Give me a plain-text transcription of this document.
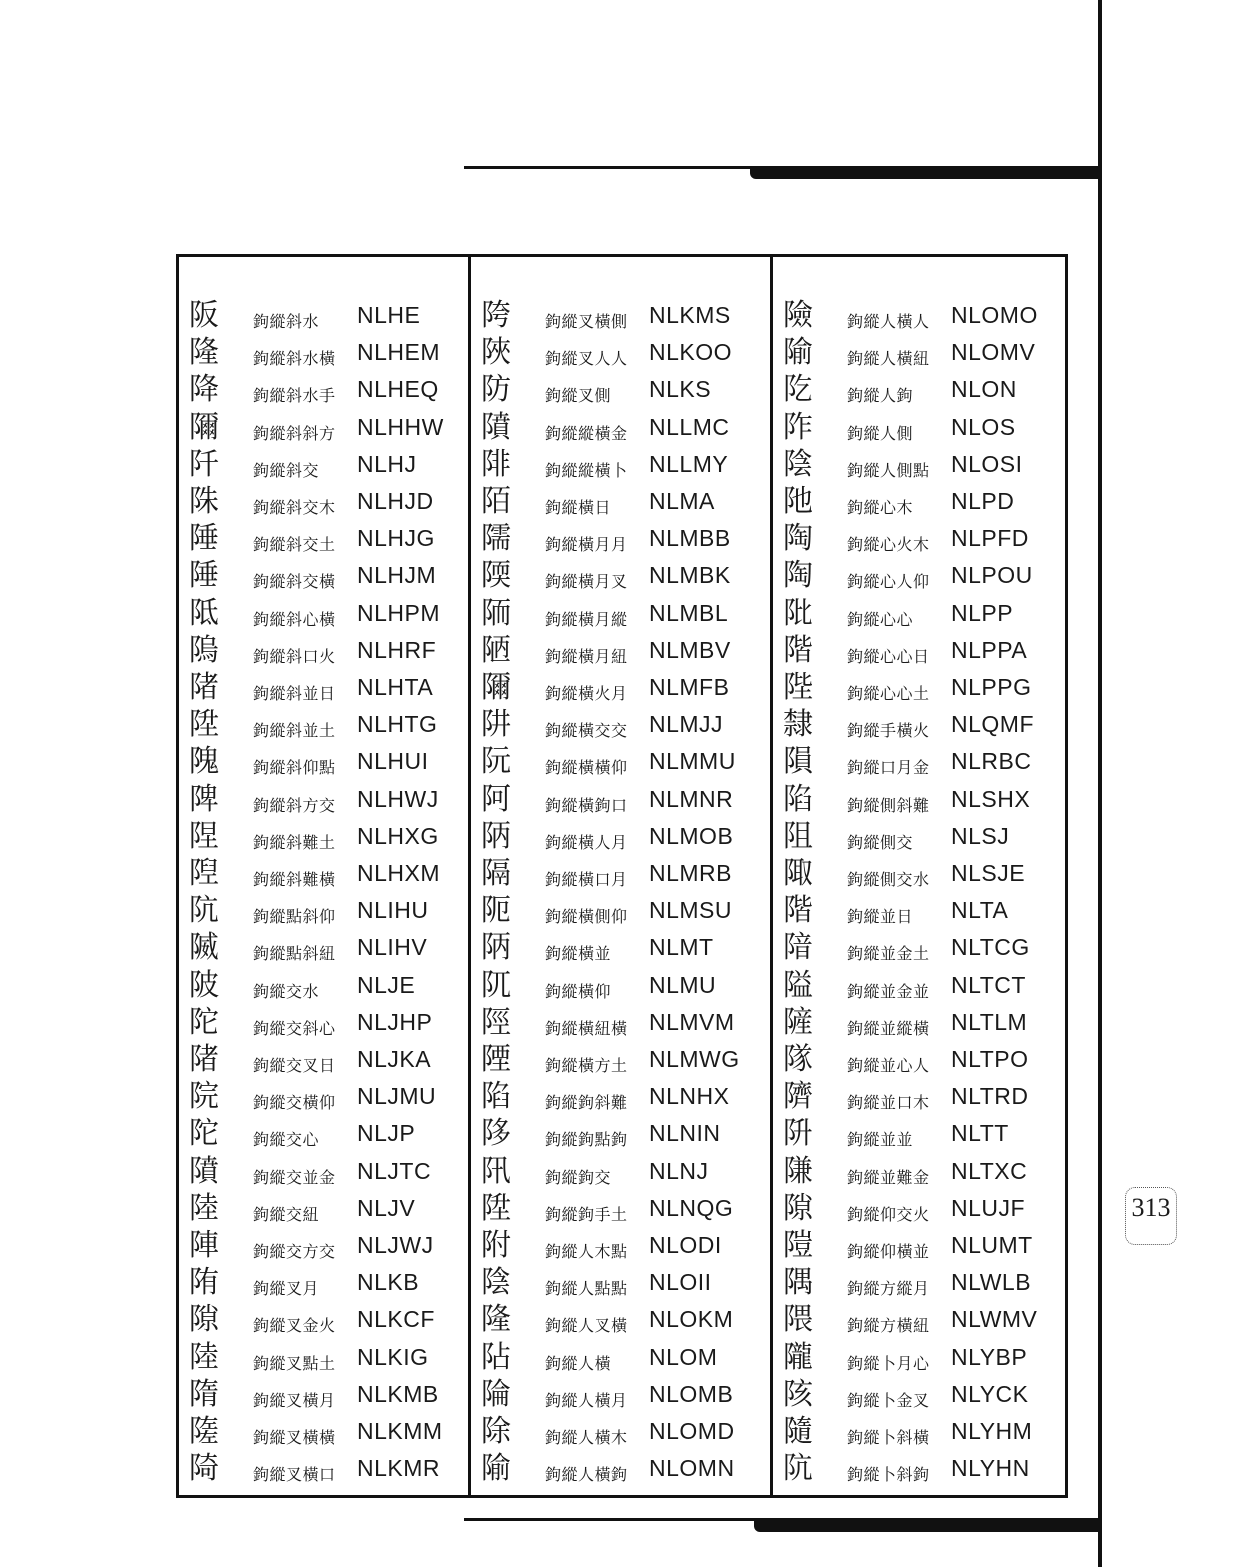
阪 鉤縱斜水 NLHE
隆 鉤縱斜水橫 NLHEM
降 鉤縱斜水手 NLHEQ
隬 鉤縱斜斜方 NLHHW
阡 鉤縱斜交 NLHJ
陎 鉤縱斜交木 NLHJD
陲 鉤縱斜交土 NLHJG
陲 鉤縱斜交橫 NLHJM
阺 鉤縱斜心橫 NLHPM
隖 鉤縱斜口火 NLHRF
陼 鉤縱斜並日 NLHTA
陞 鉤縱斜並土 NLHTG
隗 鉤縱斜仰點 NLHUI
陴 鉤縱斜方交 NLHWJ
陧 鉤縱斜難土 NLHXG
隉 鉤縱斜難橫 NLHXM
阬 鉤縱點斜仰 NLIHU
隇 鉤縱點斜紐 NLIHV
陂 鉤縱交水 NLJE
陀 鉤縱交斜心 NLJHP
陼 鉤縱交叉日 NLJKA
院 鉤縱交橫仰 NLJMU
陀 鉤縱交心 NLJP
隫 鉤縱交並金 NLJTC
陸 鉤縱交紐 NLJV
陣 鉤縱交方交 NLJWJ
陏 鉤縱叉月 NLKB
隙 鉤縱叉金火 NLKCF
陸 鉤縱叉點土 NLKIG
隋 鉤縱叉橫月 NLKMB
隓 鉤縱叉橫橫 NLKMM
陭 鉤縱叉橫口 NLKMR
陓 鉤縱叉橫側 NLKMS
陜 鉤縱叉人人 NLKOO
防 鉤縱叉側 NLKS
隫 鉤縱縱橫金 NLLMC
陫 鉤縱縱橫卜 NLLMY
陌 鉤縱橫日 NLMA
隭 鉤縱橫月月 NLMBB
陾 鉤縱橫月叉 NLMBK
陑 鉤縱橫月縱 NLMBL
陋 鉤縱橫月紐 NLMBV
隬 鉤縱橫火月 NLMFB
阱 鉤縱橫交交 NLMJJ
阮 鉤縱橫橫仰 NLMMU
阿 鉤縱橫鉤口 NLMNR
陃 鉤縱橫人月 NLMOB
隔 鉤縱橫口月 NLMRB
阨 鉤縱橫側仰 NLMSU
陃 鉤縱橫並 NLMT
阢 鉤縱橫仰 NLMU
陘 鉤縱橫紐橫 NLMVM
陻 鉤縱橫方土 NLMWG
陷 鉤縱鉤斜難 NLNHX
陊 鉤縱鉤點鉤 NLNIN
阠 鉤縱鉤交 NLNJ
陞 鉤縱鉤手土 NLNQG
附 鉤縱人木點 NLODI
陰 鉤縱人點點 NLOII
隆 鉤縱人叉橫 NLOKM
阽 鉤縱人橫 NLOM
陯 鉤縱人橫月 NLOMB
除 鉤縱人橫木 NLOMD
隃 鉤縱人橫鉤 NLOMN
險 鉤縱人橫人 NLOMO
隃 鉤縱人橫紐 NLOMV
阣 鉤縱人鉤 NLON
阼 鉤縱人側 NLOS
陰 鉤縱人側點 NLOSI
阤 鉤縱心木 NLPD
陶 鉤縱心火木 NLPFD
陶 鉤縱心人仰 NLPOU
阰 鉤縱心心 NLPP
階 鉤縱心心日 NLPPA
陛 鉤縱心心土 NLPPG
隸 鉤縱手橫火 NLQMF
隕 鉤縱口月金 NLRBC
陷 鉤縱側斜難 NLSHX
阻 鉤縱側交 NLSJ
陬 鉤縱側交水 NLSJE
階 鉤縱並日 NLTA
隌 鉤縱並金土 NLTCG
隘 鉤縱並金並 NLTCT
隡 鉤縱並縱橫 NLTLM
隊 鉤縱並心人 NLTPO
隮 鉤縱並口木 NLTRD
阩 鉤縱並並 NLTT
隒 鉤縱並難金 NLTXC
隙 鉤縱仰交火 NLUJF
隑 鉤縱仰橫並 NLUMT
隅 鉤縱方縱月 NLWLB
隈 鉤縱方橫紐 NLWMV
隴 鉤縱卜月心 NLYBP
陔 鉤縱卜金叉 NLYCK
隨 鉤縱卜斜橫 NLYHM
阬 鉤縱卜斜鉤 NLYHN
313
